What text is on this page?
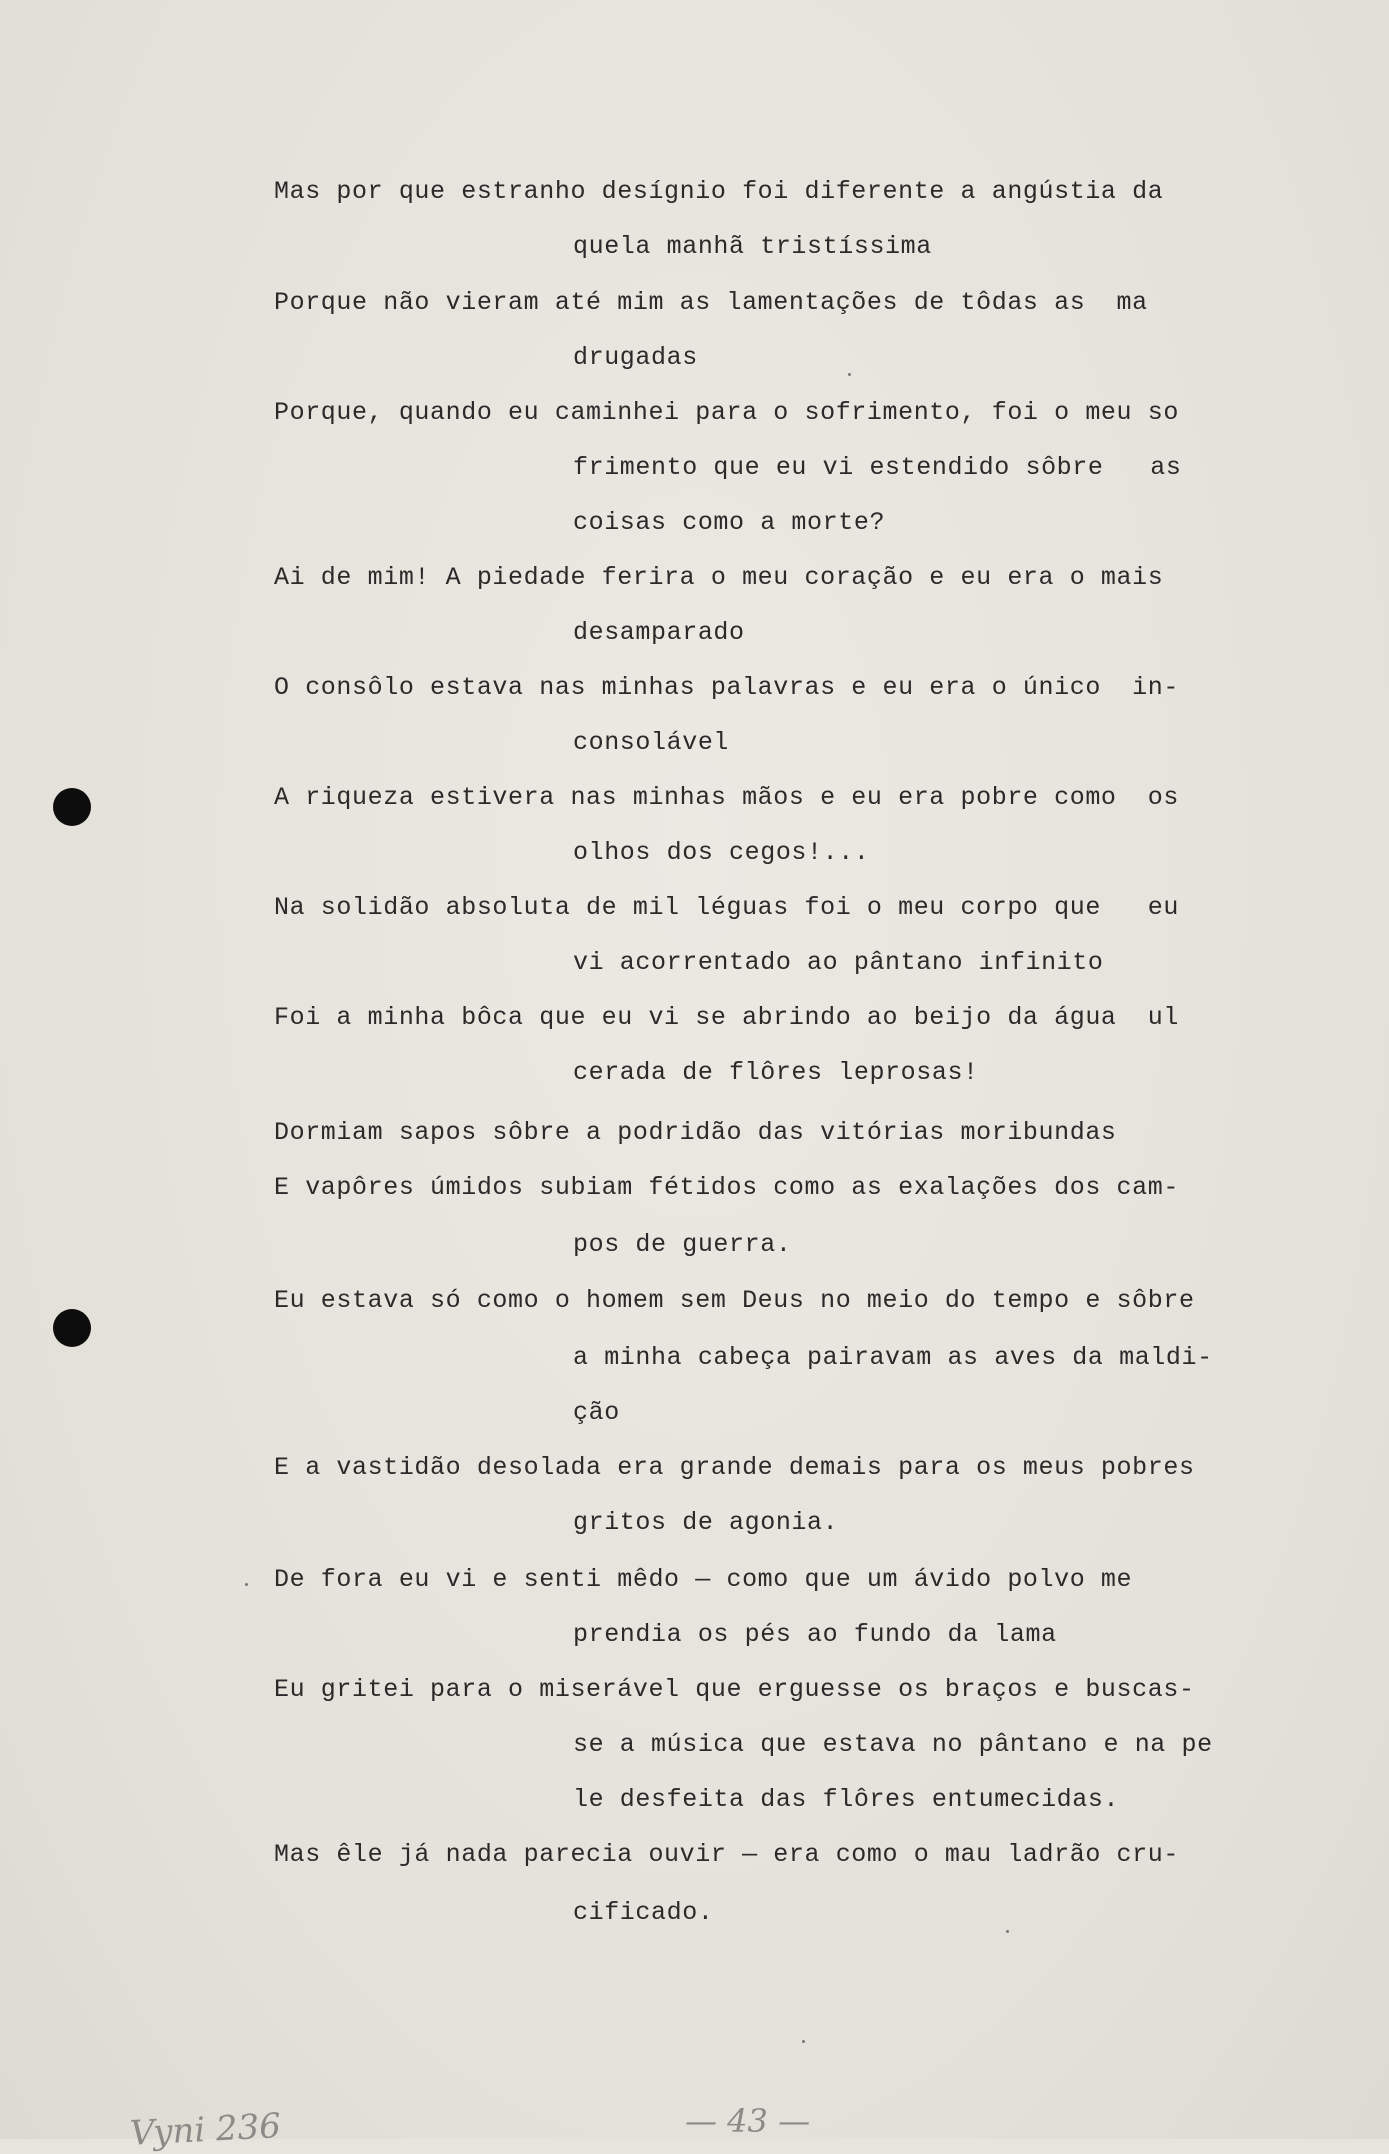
Mas por que estranho desígnio foi diferente a angústia da
quela manhã tristíssima
Porque não vieram até mim as lamentações de tôdas as  ma
drugadas
Porque, quando eu caminhei para o sofrimento, foi o meu so
frimento que eu vi estendido sôbre   as
coisas como a morte?
Ai de mim! A piedade ferira o meu coração e eu era o mais
desamparado
O consôlo estava nas minhas palavras e eu era o único  in-
consolável
A riqueza estivera nas minhas mãos e eu era pobre como  os
olhos dos cegos!...
Na solidão absoluta de mil léguas foi o meu corpo que   eu
vi acorrentado ao pântano infinito
Foi a minha bôca que eu vi se abrindo ao beijo da água  ul
cerada de flôres leprosas!
Dormiam sapos sôbre a podridão das vitórias moribundas
E vapôres úmidos subiam fétidos como as exalações dos cam-
pos de guerra.
Eu estava só como o homem sem Deus no meio do tempo e sôbre
a minha cabeça pairavam as aves da maldi-
ção
E a vastidão desolada era grande demais para os meus pobres
gritos de agonia.
De fora eu vi e senti mêdo — como que um ávido polvo me
prendia os pés ao fundo da lama
Eu gritei para o miserável que erguesse os braços e buscas-
se a música que estava no pântano e na pe
le desfeita das flôres entumecidas.
Mas êle já nada parecia ouvir — era como o mau ladrão cru-
cificado.
Vyni 236	— 43 —
